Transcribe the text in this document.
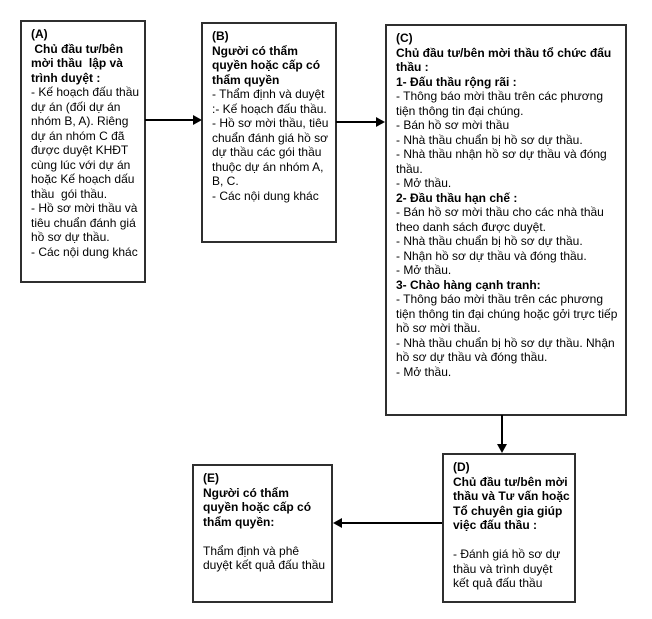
(A)
Chủ đầu tư/bên mời thầu  lập và trình duyệt :
- Kế hoạch đấu thầu dự án (đối dự án nhóm B, A). Riêng dự án nhóm C đã được duyệt KHĐT cùng lúc với dự án hoặc Kế hoạch dấu thầu  gói thầu.
- Hồ sơ mời thầu và tiêu chuẩn đánh giá hồ sơ dự thầu.
- Các nội dung khác
(B)
Người có thẩm quyền hoặc cấp có thẩm quyền
- Thẩm định và duyệt :- Kế hoạch đấu thầu.
- Hồ sơ mời thầu, tiêu chuẩn đánh giá hồ sơ dự thầu các gói thầu thuộc dự án nhóm A, B, C.
- Các nội dung khác
(C)
Chủ đầu tư/bên mời thầu tổ chức đấu thầu :
1- Đấu thầu rộng rãi :
- Thông báo mời thầu trên các phương tiện thông tin đại chúng.
- Bán hồ sơ mời thầu
- Nhà thầu chuẩn bị hồ sơ dự thầu.
- Nhà thầu nhận hồ sơ dự thầu và đóng thầu.
- Mở thầu.
2- Đầu thầu hạn chế :
- Bán hồ sơ mời thầu cho các nhà thầu theo danh sách được duyệt.
- Nhà thầu chuẩn bị hồ sơ dự thầu.
- Nhận hồ sơ dự thầu và đóng thầu.
- Mở thầu.
3- Chào hàng cạnh tranh:
- Thông báo mời thầu trên các phương tiện thông tin đại chúng hoặc gởi trực tiếp hồ sơ mời thầu.
- Nhà thầu chuẩn bị hồ sơ dự thầu. Nhận hồ sơ dự thầu và đóng thầu.
- Mở thầu.
(D)
Chủ đầu tư/bên mời thầu và Tư vấn hoặc Tổ chuyên gia giúp việc đấu thầu :
- Đánh giá hồ sơ dự thầu và trình duyệt kết quả đấu thầu
(E)
Người có thẩm quyền hoặc cấp có thẩm quyền:
Thẩm định và phê duyệt kết quả đấu thầu
